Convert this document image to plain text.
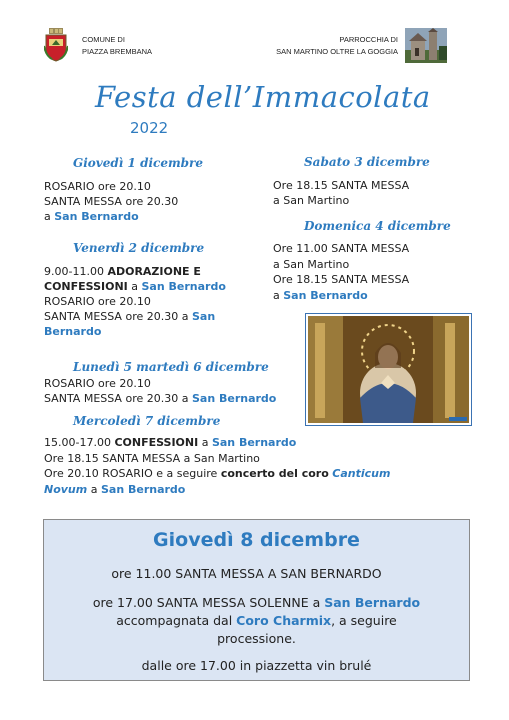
COMUNE DI
PIAZZA BREMBANA
PARROCCHIA DI
SAN MARTINO OLTRE LA GOGGIA
Festa dell’Immacolata
2022
Giovedì 1 dicembre
ROSARIO ore 20.10
SANTA MESSA ore 20.30
a San Bernardo
Venerdì 2 dicembre
9.00-11.00 ADORAZIONE E
CONFESSIONI a San Bernardo
ROSARIO ore 20.10
SANTA MESSA ore 20.30 a San
Bernardo
Sabato 3 dicembre
Ore 18.15 SANTA MESSA
a San Martino
Domenica 4 dicembre
Ore 11.00 SANTA MESSA
a San Martino
Ore 18.15 SANTA MESSA
a San Bernardo
Lunedì 5 martedì 6 dicembre
ROSARIO ore 20.10
SANTA MESSA ore 20.30 a San Bernardo
Mercoledì 7 dicembre
15.00-17.00 CONFESSIONI a San Bernardo
Ore 18.15 SANTA MESSA a San Martino
Ore 20.10 ROSARIO e a seguire concerto del coro Canticum
Novum a San Bernardo
Giovedì 8 dicembre
ore 11.00 SANTA MESSA A SAN BERNARDO
ore 17.00 SANTA MESSA SOLENNE a San Bernardo
accompagnata dal Coro Charmix, a seguire
processione.
dalle ore 17.00 in piazzetta vin brulé
